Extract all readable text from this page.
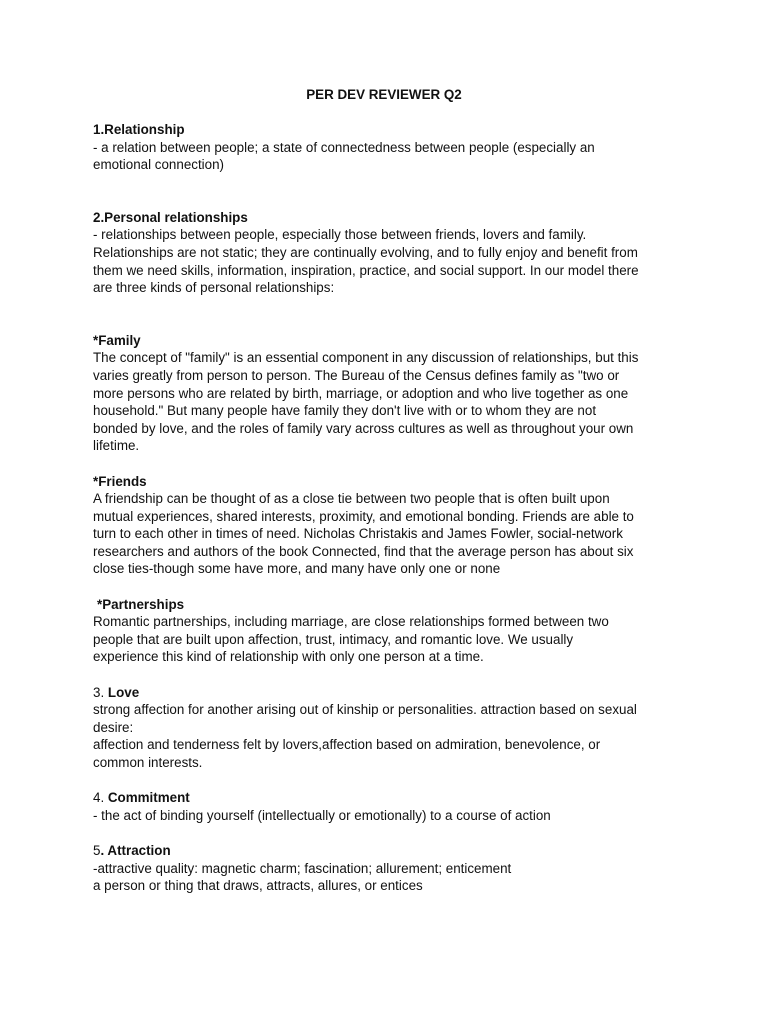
PER DEV REVIEWER Q2
1.Relationship
- a relation between people; a state of connectedness between people (especially an
emotional connection)
2.Personal relationships
- relationships between people, especially those between friends, lovers and family.
Relationships are not static; they are continually evolving, and to fully enjoy and benefit from
them we need skills, information, inspiration, practice, and social support. In our model there
are three kinds of personal relationships:
*Family
The concept of "family" is an essential component in any discussion of relationships, but this
varies greatly from person to person. The Bureau of the Census defines family as "two or
more persons who are related by birth, marriage, or adoption and who live together as one
household." But many people have family they don't live with or to whom they are not
bonded by love, and the roles of family vary across cultures as well as throughout your own
lifetime.
*Friends
A friendship can be thought of as a close tie between two people that is often built upon
mutual experiences, shared interests, proximity, and emotional bonding. Friends are able to
turn to each other in times of need. Nicholas Christakis and James Fowler, social-network
researchers and authors of the book Connected, find that the average person has about six
close ties-though some have more, and many have only one or none
*Partnerships
Romantic partnerships, including marriage, are close relationships formed between two
people that are built upon affection, trust, intimacy, and romantic love. We usually
experience this kind of relationship with only one person at a time.
3. Love
strong affection for another arising out of kinship or personalities. attraction based on sexual
desire:
affection and tenderness felt by lovers,affection based on admiration, benevolence, or
common interests.
4. Commitment
- the act of binding yourself (intellectually or emotionally) to a course of action
5. Attraction
-attractive quality: magnetic charm; fascination; allurement; enticement
a person or thing that draws, attracts, allures, or entices
